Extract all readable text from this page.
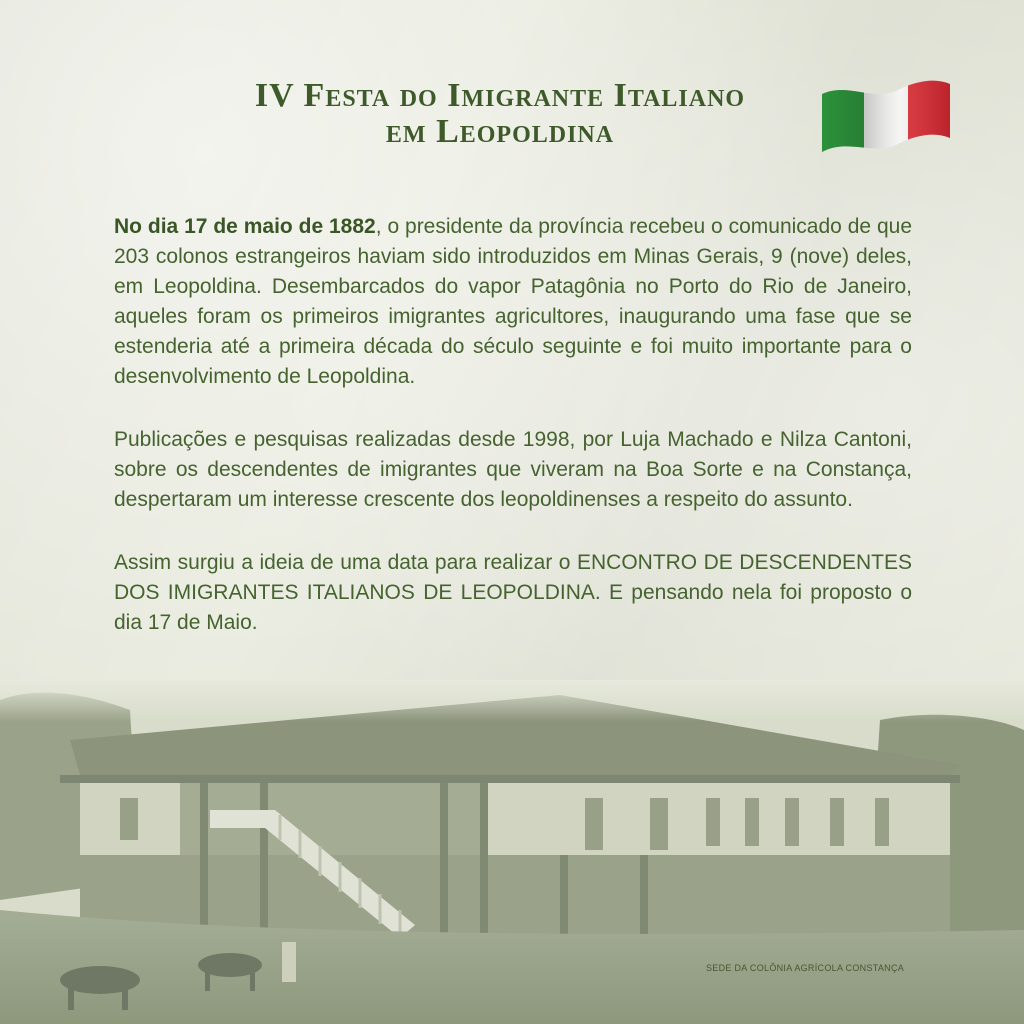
IV Festa do Imigrante Italiano
em Leopoldina

No dia 17 de maio de 1882, o presidente da província recebeu o comunicado de que 203 colonos estrangeiros haviam sido introduzidos em Minas Gerais, 9 (nove) deles, em Leopoldina. Desembarcados do vapor Patagônia no Porto do Rio de Janeiro, aqueles foram os primeiros imigrantes agricultores, inaugurando uma fase que se estenderia até a primeira década do século seguinte e foi muito importante para o desenvolvimento de Leopoldina.

Publicações e pesquisas realizadas desde 1998, por Luja Machado e Nilza Cantoni, sobre os descendentes de imigrantes que viveram na Boa Sorte e na Constança, despertaram um interesse crescente dos leopoldinenses a respeito do assunto.

Assim surgiu a ideia de uma data para realizar o ENCONTRO DE DESCENDENTES DOS IMIGRANTES ITALIANOS DE LEOPOLDINA. E pensando nela foi proposto o dia 17 de Maio.

SEDE DA COLÔNIA AGRÍCOLA CONSTANÇA
